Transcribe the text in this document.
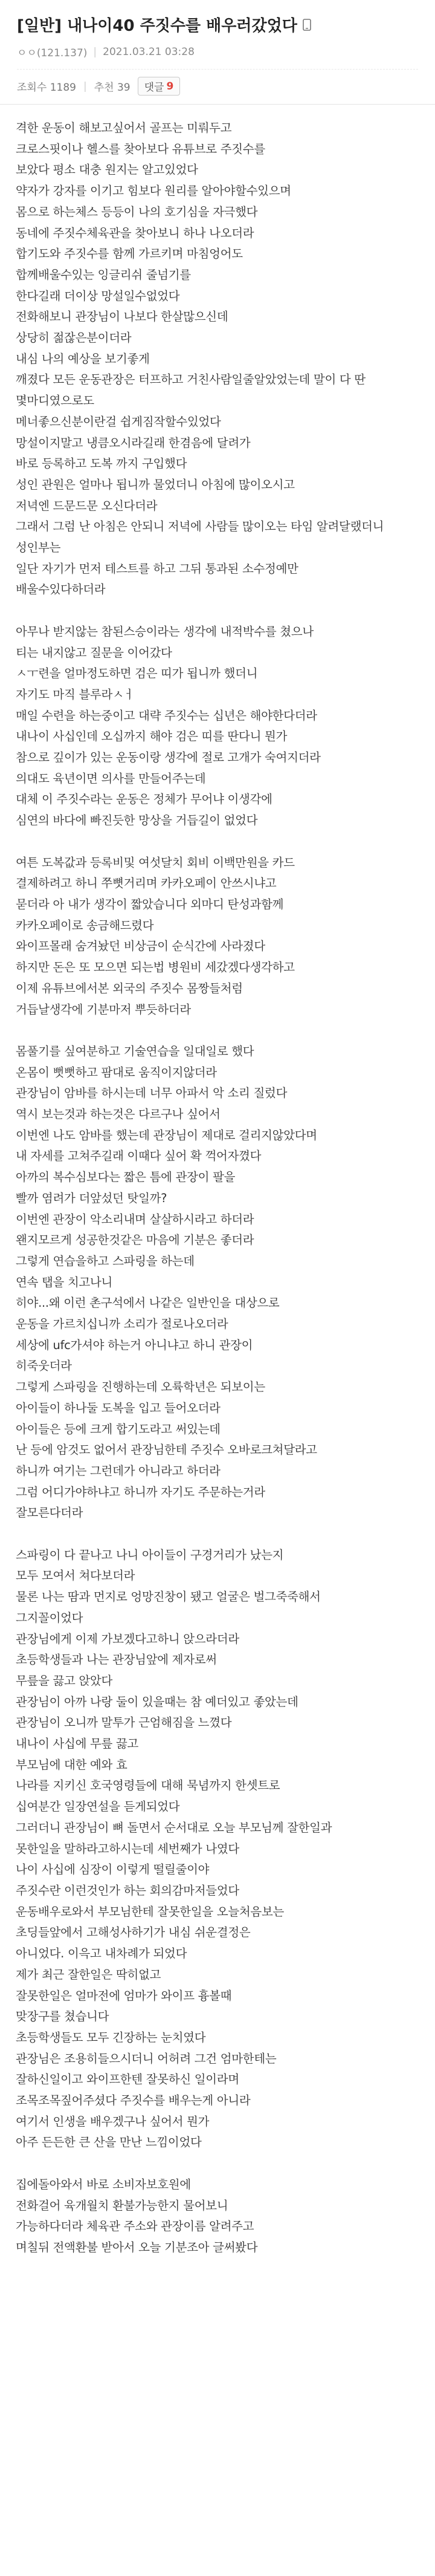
[일반] 내나이40 주짓수를 배우러갔었다
ㅇㅇ(121.137) | 2021.03.21 03:28
조회수 1189 | 추천 39 댓글 9

격한 운동이 해보고싶어서 골프는 미뤄두고
크로스핏이나 헬스를 찾아보다 유튜브로 주짓수를
보았다 평소 대충 원지는 알고있었다
약자가 강자를 이기고 힘보다 원리를 알아야할수있으며
몸으로 하는체스 등등이 나의 호기심을 자극했다
동네에 주짓수체육관을 찾아보니 하나 나오더라
합기도와 주짓수를 함께 가르키며 마침엉어도
합께배울수있는 잉글리쉬 줄넘기를
한다길래 더이상 망설일수없었다
전화해보니 관장님이 나보다 한살많으신데
상당히 젊잖은분이더라
내심 나의 예상을 보기좋게
깨졌다 모든 운동관장은 터프하고 거친사람일줄알았었는데 말이 다 딴 몇마디였으로도
메너좋으신분이란걸 쉽게짐작할수있었다
망설이지말고 냉큼오시라길래 한겸음에 달려가
바로 등록하고 도복 까지 구입했다
성인 관원은 얼마나 됩니까 물었더니 아침에 많이오시고
저녁엔 드문드문 오신다더라
그래서 그럼 난 아침은 안되니 저녁에 사람들 많이오는 타임 알려달랬더니 성인부는
일단 자기가 먼저 테스트를 하고 그뒤 통과된 소수정예만
배울수있다하더라

아무나 받지않는 참된스승이라는 생각에 내적박수를 쳤으나
티는 내지않고 질문을 이어갔다
ㅅㅜ련을 얼마정도하면 검은 띠가 됩니까 했더니
자기도 마직 블루라ㅅㅓ
매일 수련을 하는중이고 대략 주짓수는 십년은 해야한다더라
내나이 사십인데 오십까지 해야 검은 띠를 딴다니 뭔가
참으로 깊이가 있는 운동이랑 생각에 절로 고개가 숙여지더라
의대도 육년이면 의사를 만들어주는데
대체 이 주짓수라는 운동은 정체가 무어냐 이생각에
심연의 바다에 빠진듯한 망상을 거듭길이 없었다

여튼 도복값과 등록비및 여섯달치 회비 이백만원을 카드
결제하려고 하니 쭈뼛거리며 카카오페이 안쓰시냐고
묻더라 아 내가 생각이 짧았습니다 외마디 탄성과함께
카카오페이로 송금해드렸다
와이프몰래 숨겨놨던 비상금이 순식간에 사라졌다
하지만 돈은 또 모으면 되는법 병원비 세갔겠다생각하고
이제 유튜브에서본 외국의 주짓수 몸짱들처럼
거듭날생각에 기분마저 뿌듯하더라

몸풀기를 싶여분하고 기술연습을 일대일로 했다
온몸이 뻣뻣하고 팜대로 움직이지않더라
관장님이 암바를 하시는데 너무 아파서 악 소리 질렀다
역시 보는것과 하는것은 다르구나 싶어서
이번엔 나도 암바를 했는데 관장님이 제대로 걸리지않았다며
내 자세를 고쳐주길래 이때다 싶어 확 꺽어자꼈다
아까의 복수심보다는 짧은 틈에 관장이 팔을
빨까 염려가 더앞섰던 탓일까?
이번엔 관장이 악소리내며 살살하시라고 하더라
왠지모르게 성공한것같은 마음에 기분은 좋더라
그렇게 연습을하고 스파링을 하는데
연속 탭을 치고나니
히야...왜 이런 촌구석에서 나같은 일반인을 대상으로
운동을 가르치십니까 소리가 절로나오더라
세상에 ufc가셔야 하는거 아니냐고 하니 관장이
히죽웃더라
그렇게 스파링을 진행하는데 오륙학년은 되보이는
아이들이 하나둘 도복을 입고 들어오더라
아이들은 등에 크게 합기도라고 써있는데
난 등에 암것도 없어서 관장님한테 주짓수 오바로크쳐달라고
하니까 여기는 그런데가 아니라고 하더라
그럼 어디가야하냐고 하니까 자기도 주문하는거라
잘모른다더라

스파링이 다 끝나고 나니 아이들이 구경거리가 났는지
모두 모여서 쳐다보더라
물론 나는 땀과 먼지로 엉망진창이 됐고 얼굴은 벌그죽죽해서
그지꼴이었다
관장님에게 이제 가보겠다고하니 앉으라더라
초등학생들과 나는 관장님앞에 제자로써
무릎을 끓고 앉았다
관장님이 아까 나랑 둘이 있을때는 참 예더있고 좋았는데
관장님이 오니까 말투가 근엄해짐을 느꼈다
내나이 사십에 무릎 끓고
부모님에 대한 예와 효
나라를 지키신 호국영령들에 대해 묵념까지 한셋트로
십여분간 일장연설을 듣게되었다
그러더니 관장님이 뼈 돌면서 순서대로 오늘 부모님께 잘한일과
못한일을 말하라고하시는데 세번째가 나였다
나이 사십에 심장이 이렇게 떨릴줄이야
주짓수란 이런것인가 하는 회의감마저들었다
운동배우로와서 부모님한테 잘못한일을 오늘처음보는
초딩들앞에서 고해성사하기가 내심 쉬운결정은
아니었다. 이윽고 내차례가 되었다
제가 최근 잘한일은 딱히없고
잘못한일은 얼마전에 엄마가 와이프 흉볼때
맞장구를 쳤습니다
초등학생들도 모두 긴장하는 눈치였다
관장님은 조용히들으시더니 어허려 그건 엄마한테는
잘하신일이고 와이프한텐 잘못하신 일이라며
조목조목짚어주셨다 주짓수를 배우는게 아니라
여기서 인생을 배우겠구나 싶어서 뭔가
아주 든든한 큰 산을 만난 느낌이었다

집에돌아와서 바로 소비자보호원에
전화걸어 육개월치 환불가능한지 물어보니
가능하다더라 체육관 주소와 관장이름 알려주고
며칠뒤 전액환불 받아서 오늘 기분조아 글써봤다
